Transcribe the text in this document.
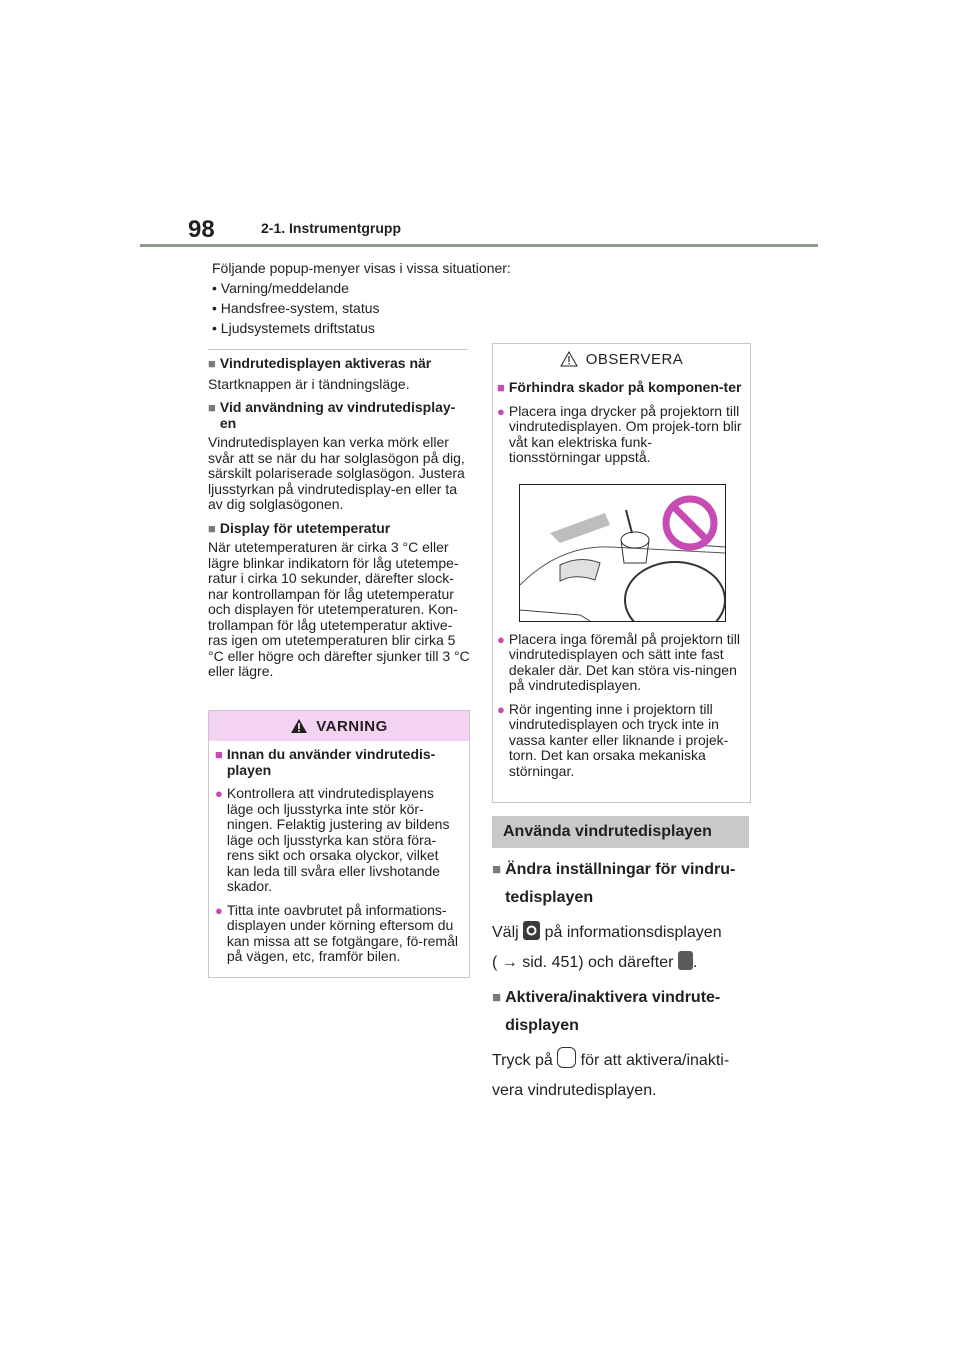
98	2-1. Instrumentgrupp
Följande popup-menyer visas i vissa situationer:
• Varning/meddelande
• Handsfree-system, status
• Ljudsystemets driftstatus
■ Vindrutedisplayen aktiveras när
Startknappen är i tändningsläge.
■ Vid användning av vindrutedisplay-en
Vindrutedisplayen kan verka mörk eller svår att se när du har solglasögon på dig, särskilt polariserade solglasögon. Justera ljusstyrkan på vindrutedisplay-en eller ta av dig solglasögonen.
■ Display för utetemperatur
När utetemperaturen är cirka 3 °C eller lägre blinkar indikatorn för låg utetempe-ratur i cirka 10 sekunder, därefter slock-nar kontrollampan för låg utetemperatur och displayen för utetemperaturen. Kon-trollampan för låg utetemperatur aktive-ras igen om utetemperaturen blir cirka 5 °C eller högre och därefter sjunker till 3 °C eller lägre.
VARNING
■ Innan du använder vindrutedis-playen
● Kontrollera att vindrutedisplayens läge och ljusstyrka inte stör kör-ningen. Felaktig justering av bildens läge och ljusstyrka kan störa föra-rens sikt och orsaka olyckor, vilket kan leda till svåra eller livshotande skador.
● Titta inte oavbrutet på informations-displayen under körning eftersom du kan missa att se fotgängare, fö-remål på vägen, etc, framför bilen.
OBSERVERA
■ Förhindra skador på komponen-ter
● Placera inga drycker på projektorn till vindrutedisplayen. Om projek-torn blir våt kan elektriska funk-tionsstörningar uppstå.
● Placera inga föremål på projektorn till vindrutedisplayen och sätt inte fast dekaler där. Det kan störa vis-ningen på vindrutedisplayen.
● Rör ingenting inne i projektorn till vindrutedisplayen och tryck inte in vassa kanter eller liknande i projek-torn. Det kan orsaka mekaniska störningar.
Använda vindrutedisplayen
■ Ändra inställningar för vindru-tedisplayen
Välj på informationsdisplayen
( → sid. 451) och därefter .
■ Aktivera/inaktivera vindrute-displayen
Tryck på för att aktivera/inakti-vera vindrutedisplayen.
